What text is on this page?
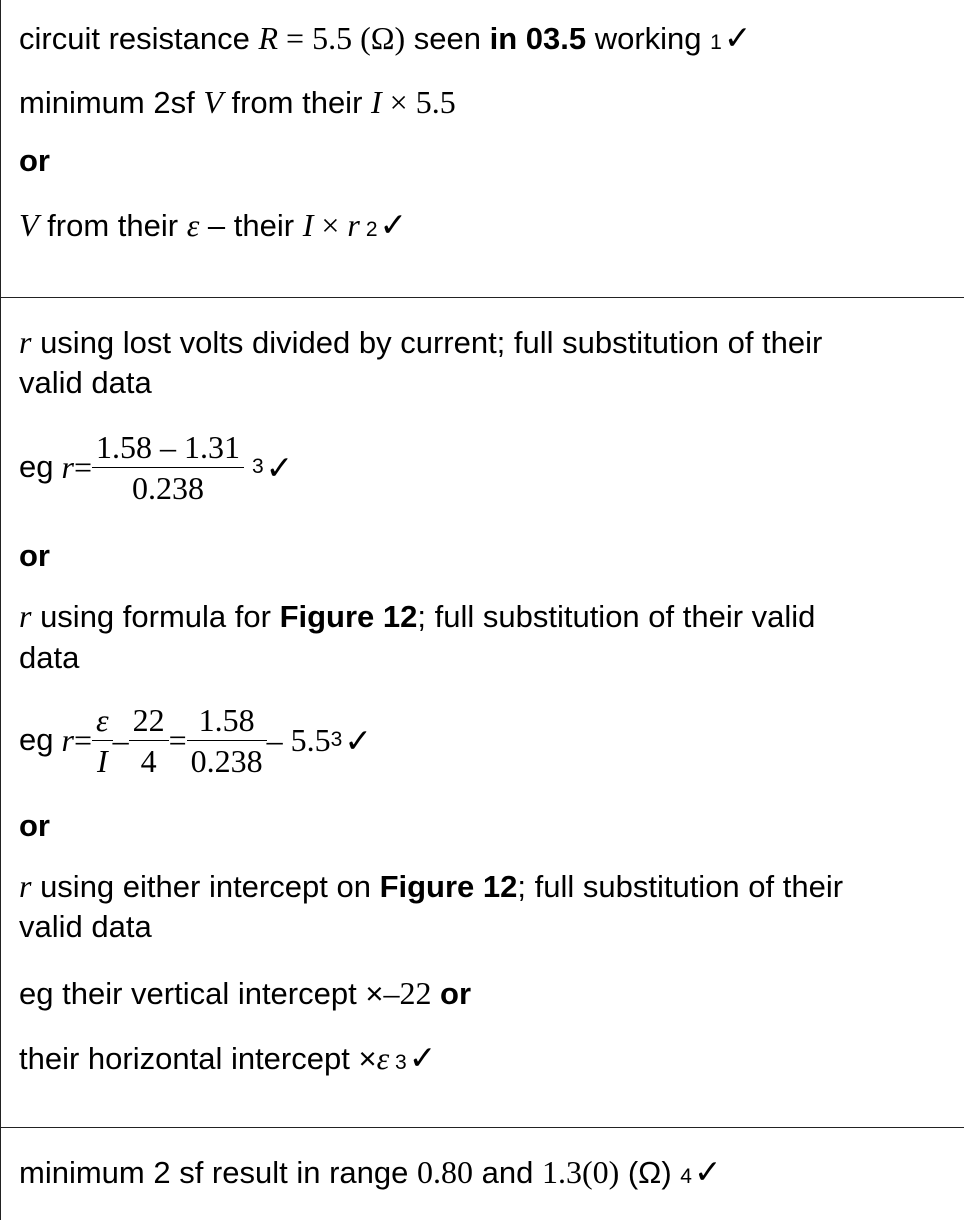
circuit resistance R = 5.5 (Ω) seen in 03.5 working 1✓
minimum 2sf V from their I × 5.5
or
V from their ε – their I × r 2✓
r using lost volts divided by current; full substitution of their
valid data
eg $r = \frac{1.58 - 1.31}{0.238} 3$ ✓
or
r using formula for Figure 12; full substitution of their valid
data
eg $r = \frac{\varepsilon}{I} - \frac{22}{4} = \frac{1.58}{0.238} - 5.5$ 3 ✓
or
r using either intercept on Figure 12; full substitution of their
valid data
eg their vertical intercept ×–22 or
their horizontal intercept ×ε 3✓
minimum 2 sf result in range 0.80 and 1.3(0) (Ω) 4✓
